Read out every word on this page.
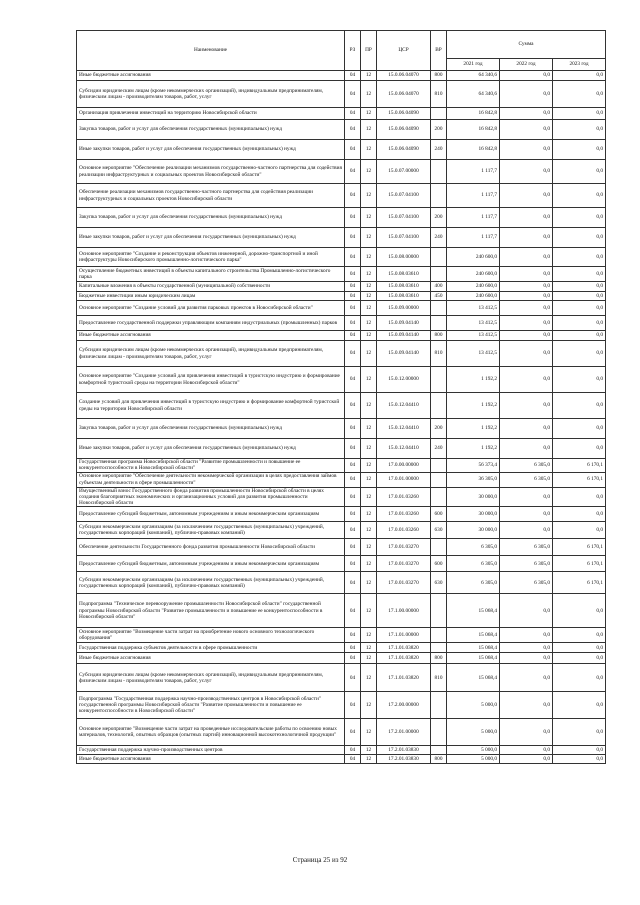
Наименование	РЗ	ПР	ЦСР	ВР	Сумма		
					2021 год	2022 год	2023 год
Иные бюджетные ассигнования	04	12	15.0.06.04070	800	64 340,6	0,0	0,0
Субсидии юридическим лицам (кроме некоммерческих организаций), индивидуальным предпринимателям, физическим лицам - производителям товаров, работ, услуг	04	12	15.0.06.04070	810	64 340,6	0,0	0,0
Организация привлечения инвестиций на территорию Новосибирской области	04	12	15.0.06.04090		16 842,8	0,0	0,0
Закупка товаров, работ и услуг для обеспечения государственных (муниципальных) нужд	04	12	15.0.06.04090	200	16 842,8	0,0	0,0
Иные закупки товаров, работ и услуг для обеспечения государственных (муниципальных) нужд	04	12	15.0.06.04090	240	16 842,8	0,0	0,0
Основное мероприятие "Обеспечение реализации механизмов государственно-частного партнерства для содействия реализации инфраструктурных и социальных проектов Новосибирской области"	04	12	15.0.07.00000		1 117,7	0,0	0,0
Обеспечение реализации механизмов государственно-частного партнерства для содействия реализации инфраструктурных и социальных проектов Новосибирской области	04	12	15.0.07.04100		1 117,7	0,0	0,0
Закупка товаров, работ и услуг для обеспечения государственных (муниципальных) нужд	04	12	15.0.07.04100	200	1 117,7	0,0	0,0
Иные закупки товаров, работ и услуг для обеспечения государственных (муниципальных) нужд	04	12	15.0.07.04100	240	1 117,7	0,0	0,0
Основное мероприятие "Создание и реконструкция объектов инженерной, дорожно-транспортной и иной инфраструктуры Новосибирского промышленно-логистического парка"	04	12	15.0.08.00000		240 600,0	0,0	0,0
Осуществление бюджетных инвестиций в объекты капитального строительства Промышленно-логистического парка	04	12	15.0.08.03610		240 600,0	0,0	0,0
Капитальные вложения в объекты государственной (муниципальной) собственности	04	12	15.0.08.03610	400	240 600,0	0,0	0,0
Бюджетные инвестиции иным юридическим лицам	04	12	15.0.08.03610	450	240 600,0	0,0	0,0
Основное мероприятие "Создание условий для развития парковых проектов в Новосибирской области"	04	12	15.0.09.00000		13 412,5	0,0	0,0
Предоставление государственной поддержки управляющим компаниям индустриальных (промышленных) парков	04	12	15.0.09.04140		13 412,5	0,0	0,0
Иные бюджетные ассигнования	04	12	15.0.09.04140	800	13 412,5	0,0	0,0
Субсидии юридическим лицам (кроме некоммерческих организаций), индивидуальным предпринимателям, физическим лицам - производителям товаров, работ, услуг	04	12	15.0.09.04140	810	13 412,5	0,0	0,0
Основное мероприятие "Создание условий для привлечения инвестиций в туристскую индустрию и формирование комфортной туристской среды на территории Новосибирской области"	04	12	15.0.12.00000		1 192,2	0,0	0,0
Создание условий для привлечения инвестиций в туристскую индустрию и формирование комфортной туристской среды на территории Новосибирской области	04	12	15.0.12.04410		1 192,2	0,0	0,0
Закупка товаров, работ и услуг для обеспечения государственных (муниципальных) нужд	04	12	15.0.12.04410	200	1 192,2	0,0	0,0
Иные закупки товаров, работ и услуг для обеспечения государственных (муниципальных) нужд	04	12	15.0.12.04410	240	1 192,2	0,0	0,0
Государственная программа Новосибирской области "Развитие промышленности и повышение ее конкурентоспособности в Новосибирской области"	04	12	17.0.00.00000		56 373,4	6 305,0	6 170,1
Основное мероприятие "Обеспечение деятельности некоммерческой организации в целях предоставления займов субъектам деятельности в сфере промышленности"	04	12	17.0.01.00000		36 305,0	6 305,0	6 170,1
Имущественный взнос Государственного фонда развития промышленности Новосибирской области в целях создания благоприятных экономических и организационных условий для развития промышленности Новосибирской области	04	12	17.0.01.03260		30 000,0	0,0	0,0
Предоставление субсидий бюджетным, автономным учреждениям и иным некоммерческим организациям	04	12	17.0.01.03260	600	30 000,0	0,0	0,0
Субсидии некоммерческим организациям (за исключением государственных (муниципальных) учреждений, государственных корпораций (компаний), публично-правовых компаний)	04	12	17.0.01.03260	630	30 000,0	0,0	0,0
Обеспечение деятельности Государственного фонда развития промышленности Новосибирской области	04	12	17.0.01.03270		6 305,0	6 305,0	6 170,1
Предоставление субсидий бюджетным, автономным учреждениям и иным некоммерческим организациям	04	12	17.0.01.03270	600	6 305,0	6 305,0	6 170,1
Субсидии некоммерческим организациям (за исключением государственных (муниципальных) учреждений, государственных корпораций (компаний), публично-правовых компаний)	04	12	17.0.01.03270	630	6 305,0	6 305,0	6 170,1
Подпрограмма "Техническое перевооружение промышленности Новосибирской области" государственной программы Новосибирской области "Развитие промышленности и повышение ее конкурентоспособности в Новосибирской области"	04	12	17.1.00.00000		15 068,4	0,0	0,0
Основное мероприятие "Возмещение части затрат на приобретение нового основного технологического оборудования"	04	12	17.1.01.00000		15 068,4	0,0	0,0
Государственная поддержка субъектов деятельности в сфере промышленности	04	12	17.1.01.03820		15 068,4	0,0	0,0
Иные бюджетные ассигнования	04	12	17.1.01.03820	800	15 068,4	0,0	0,0
Субсидии юридическим лицам (кроме некоммерческих организаций), индивидуальным предпринимателям, физическим лицам - производителям товаров, работ, услуг	04	12	17.1.01.03820	810	15 068,4	0,0	0,0
Подпрограмма "Государственная поддержка научно-производственных центров в Новосибирской области" государственной программы Новосибирской области "Развитие промышленности и повышение ее конкурентоспособности в Новосибирской области"	04	12	17.2.00.00000		5 000,0	0,0	0,0
Основное мероприятие "Возмещение части затрат на проведенные исследовательские работы по освоению новых материалов, технологий, опытных образцов (опытных партий) инновационной высокотехнологичной продукции"	04	12	17.2.01.00000		5 000,0	0,0	0,0
Государственная поддержка научно-производственных центров	04	12	17.2.01.03830		5 000,0	0,0	0,0
Иные бюджетные ассигнования	04	12	17.2.01.03830	800	5 000,0	0,0	0,0
Страница 25 из 92
